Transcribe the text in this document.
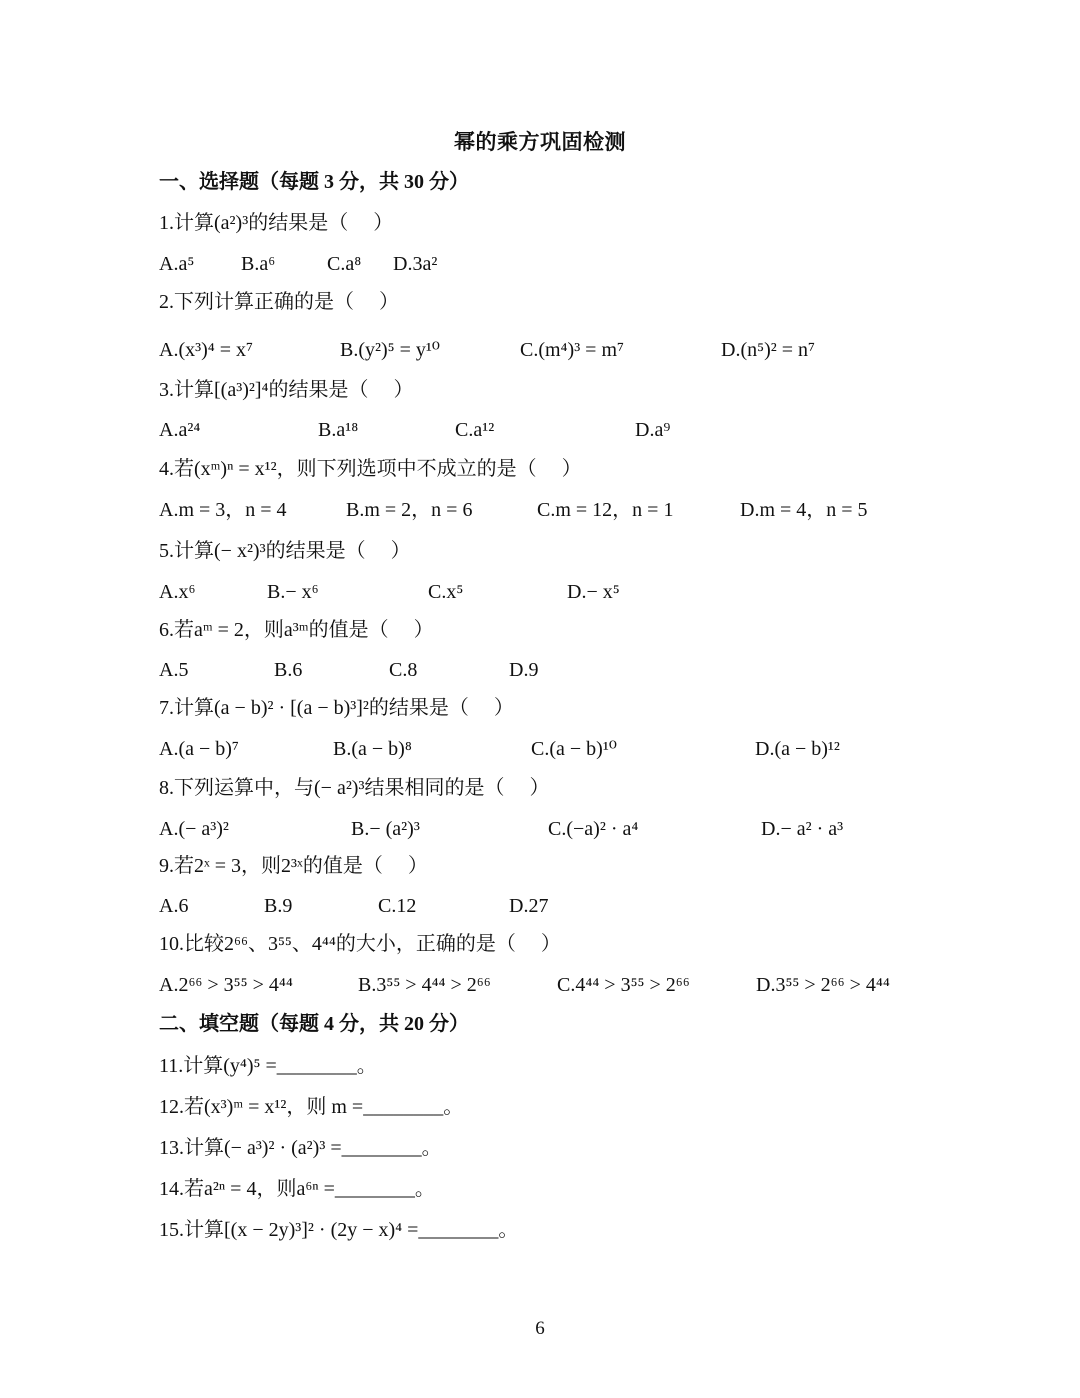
幂的乘方巩固检测
一、选择题（每题 3 分，共 30 分）
1.计算(a²)³的结果是（　 ）
A.a⁵ B.a⁶	C.a⁸ D.3a²
2.下列计算正确的是（　 ）
A.(x³)⁴ = x⁷	B.(y²)⁵ = y¹⁰	C.(m⁴)³ = m⁷	D.(n⁵)² = n⁷
3.计算[(a³)²]⁴的结果是（　 ）
A.a²⁴	B.a¹⁸	C.a¹²	D.a⁹
4.若(xᵐ)ⁿ = x¹²，则下列选项中不成立的是（　 ）
A.m = 3，n = 4	B.m = 2，n = 6	C.m = 12，n = 1	D.m = 4，n = 5
5.计算(− x²)³的结果是（　 ）
A.x⁶	B.− x⁶	C.x⁵	D.− x⁵
6.若aᵐ = 2，则a³ᵐ的值是（　 ）
A.5	B.6	C.8	D.9
7.计算(a − b)² · [(a − b)³]²的结果是（　 ）
A.(a − b)⁷	B.(a − b)⁸	C.(a − b)¹⁰	D.(a − b)¹²
8.下列运算中，与(− a²)³结果相同的是（　 ）
A.(− a³)²	B.− (a²)³	C.(−a)² · a⁴	D.− a² · a³
9.若2ˣ = 3，则2³ˣ的值是（　 ）
A.6	B.9	C.12	D.27
10.比较2⁶⁶、3⁵⁵、4⁴⁴的大小，正确的是（　 ）
A.2⁶⁶ > 3⁵⁵ > 4⁴⁴	B.3⁵⁵ > 4⁴⁴ > 2⁶⁶	C.4⁴⁴ > 3⁵⁵ > 2⁶⁶	D.3⁵⁵ > 2⁶⁶ > 4⁴⁴
二、填空题（每题 4 分，共 20 分）
11.计算(y⁴)⁵ =________。
12.若(x³)ᵐ = x¹²，则 m =________。
13.计算(− a³)² · (a²)³ =________。
14.若a²ⁿ = 4，则a⁶ⁿ =________。
15.计算[(x − 2y)³]² · (2y − x)⁴ =________。
6
